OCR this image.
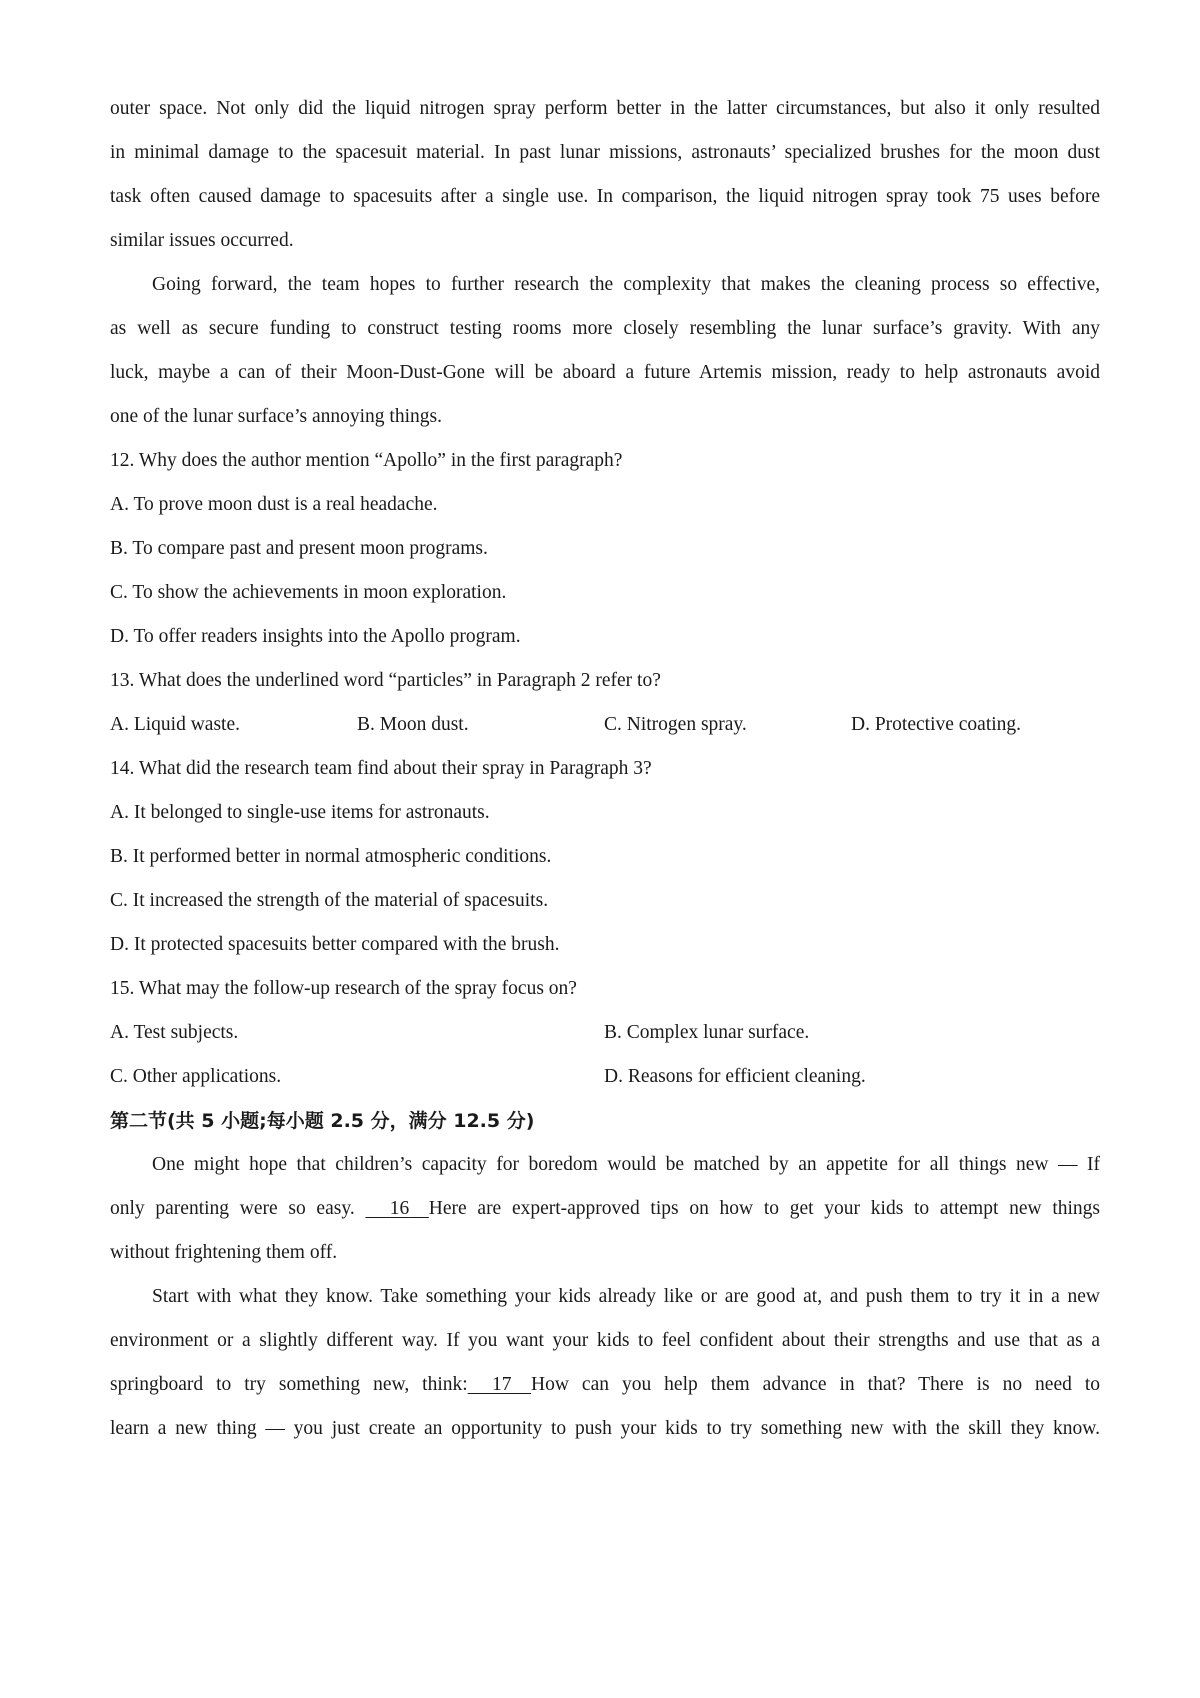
outer space. Not only did the liquid nitrogen spray perform better in the latter circumstances, but also it only resulted
in minimal damage to the spacesuit material. In past lunar missions, astronauts’ specialized brushes for the moon dust
task often caused damage to spacesuits after a single use. In comparison, the liquid nitrogen spray took 75 uses before
similar issues occurred.
Going forward, the team hopes to further research the complexity that makes the cleaning process so effective,
as well as secure funding to construct testing rooms more closely resembling the lunar surface’s gravity. With any
luck, maybe a can of their Moon-Dust-Gone will be aboard a future Artemis mission, ready to help astronauts avoid
one of the lunar surface’s annoying things.
12. Why does the author mention “Apollo” in the first paragraph?
A. To prove moon dust is a real headache.
B. To compare past and present moon programs.
C. To show the achievements in moon exploration.
D. To offer readers insights into the Apollo program.
13. What does the underlined word “particles” in Paragraph 2 refer to?
A. Liquid waste.	B. Moon dust.	C. Nitrogen spray.	D. Protective coating.
14. What did the research team find about their spray in Paragraph 3?
A. It belonged to single-use items for astronauts.
B. It performed better in normal atmospheric conditions.
C. It increased the strength of the material of spacesuits.
D. It protected spacesuits better compared with the brush.
15. What may the follow-up research of the spray focus on?
A. Test subjects.	B. Complex lunar surface.
C. Other applications.	D. Reasons for efficient cleaning.
第二节(共 5 小题;每小题 2.5 分，满分 12.5 分)
One might hope that children’s capacity for boredom would be matched by an appetite for all things new — If
only parenting were so easy.      16 Here are expert-approved tips on how to get your kids to attempt new things
without frightening them off.
Start with what they know. Take something your kids already like or are good at, and push them to try it in a new
environment or a slightly different way. If you want your kids to feel confident about their strengths and use that as a
springboard to try something new, think: 17 How can you help them advance in that? There is no need to
learn a new thing — you just create an opportunity to push your kids to try something new with the skill they know.
